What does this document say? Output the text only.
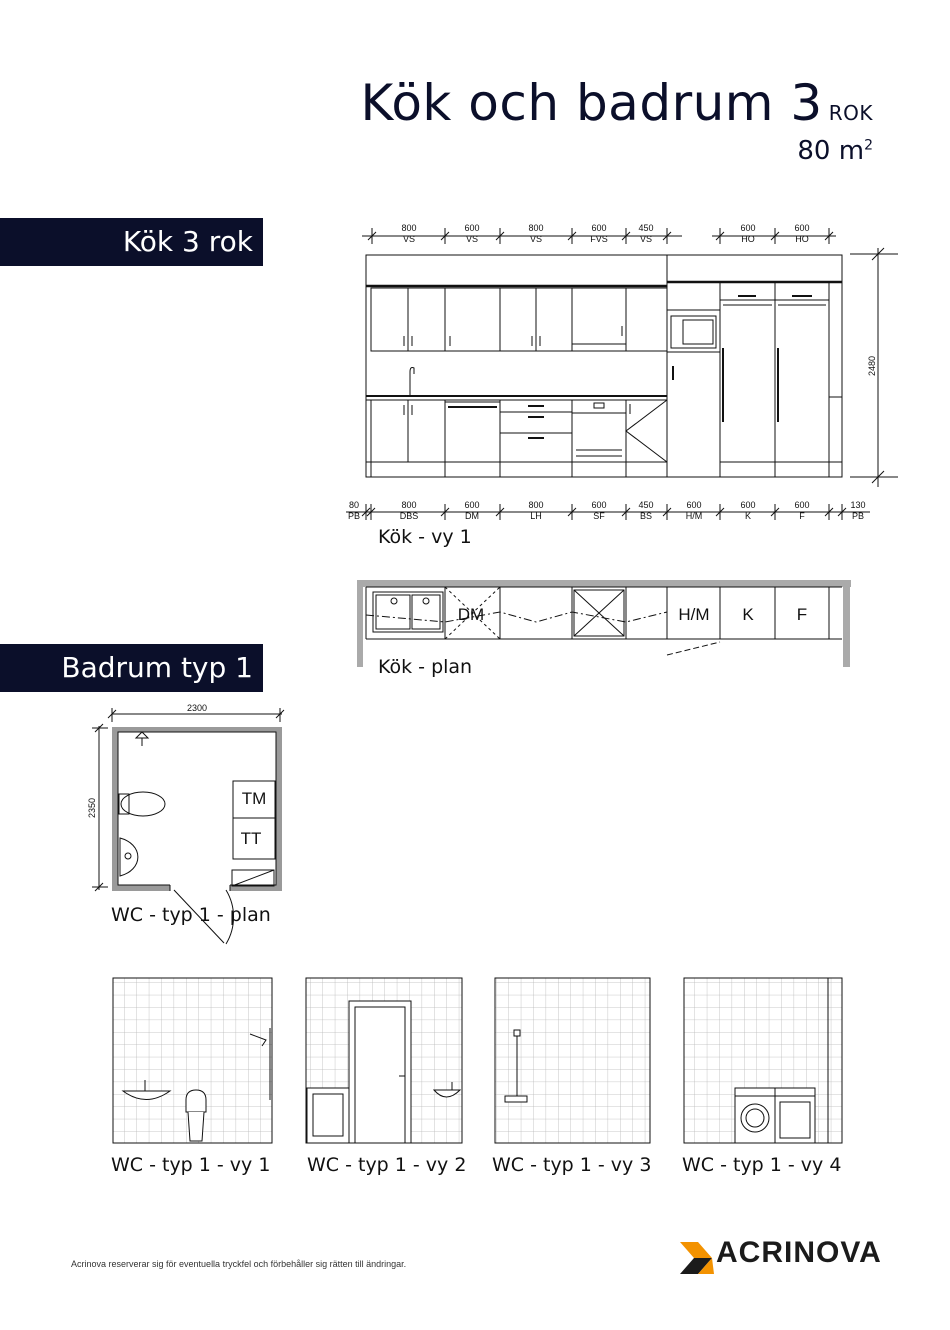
Kök och badrum 3 ROK
80 $m^2$
Kök 3 rok
Badrum typ 1
800
VS
600
VS
800
VS
600
FVS
450
VS
600
HO
600
HO
80
PB
800
DBS
600
DM
800
LH
600
SF
450
BS
600
H/M
600
K
600
F
130
PB
2480
Kök - vy 1
DM	H/M K	F
Kök - plan
2300
2350	TM
TT
WC - typ 1 - plan
WC - typ 1 - vy 1 WC - typ 1 - vy 2 WC - typ 1 - vy 3 WC - typ 1 - vy 4
Acrinova reserverar sig för eventuella tryckfel och förbehåller sig rätten till ändringar.	ACRINOVA
